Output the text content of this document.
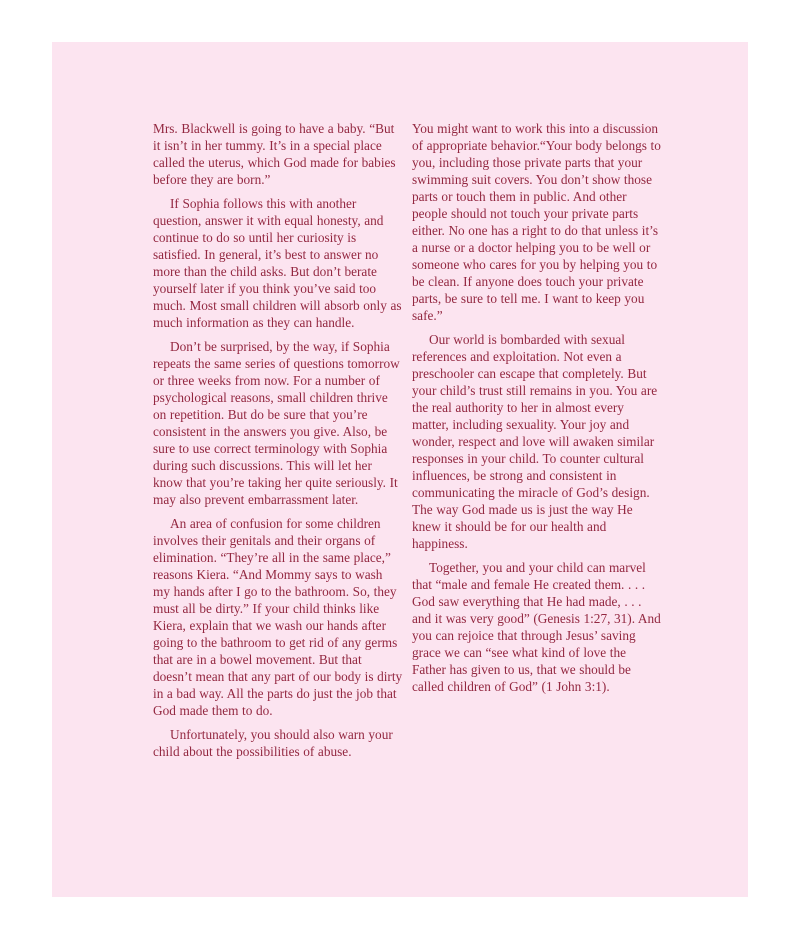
Mrs. Blackwell is going to have a baby. “But it isn’t in her tummy. It’s in a special place called the uterus, which God made for babies before they are born.”

If Sophia follows this with another question, answer it with equal honesty, and continue to do so until her curiosity is satisfied. In general, it’s best to answer no more than the child asks. But don’t berate yourself later if you think you’ve said too much. Most small children will absorb only as much information as they can handle.

Don’t be surprised, by the way, if Sophia repeats the same series of questions tomorrow or three weeks from now. For a number of psychological reasons, small children thrive on repetition. But do be sure that you’re consistent in the answers you give. Also, be sure to use correct terminology with Sophia during such discussions. This will let her know that you’re taking her quite seriously. It may also prevent embarrassment later.

An area of confusion for some children involves their genitals and their organs of elimination. “They’re all in the same place,” reasons Kiera. “And Mommy says to wash my hands after I go to the bathroom. So, they must all be dirty.” If your child thinks like Kiera, explain that we wash our hands after going to the bathroom to get rid of any germs that are in a bowel movement. But that doesn’t mean that any part of our body is dirty in a bad way. All the parts do just the job that God made them to do.

Unfortunately, you should also warn your child about the possibilities of abuse.

You might want to work this into a discussion of appropriate behavior.“Your body belongs to you, including those private parts that your swimming suit covers. You don’t show those parts or touch them in public. And other people should not touch your private parts either. No one has a right to do that unless it’s a nurse or a doctor helping you to be well or someone who cares for you by helping you to be clean. If anyone does touch your private parts, be sure to tell me. I want to keep you safe.”

Our world is bombarded with sexual references and exploitation. Not even a preschooler can escape that completely. But your child’s trust still remains in you. You are the real authority to her in almost every matter, including sexuality. Your joy and wonder, respect and love will awaken similar responses in your child. To counter cultural influences, be strong and consistent in communicating the miracle of God’s design. The way God made us is just the way He knew it should be for our health and happiness.

Together, you and your child can marvel that “male and female He created them. . . . God saw everything that He had made, . . . and it was very good” (Genesis 1:27, 31). And you can rejoice that through Jesus’ saving grace we can “see what kind of love the Father has given to us, that we should be called children of God” (1 John 3:1).
